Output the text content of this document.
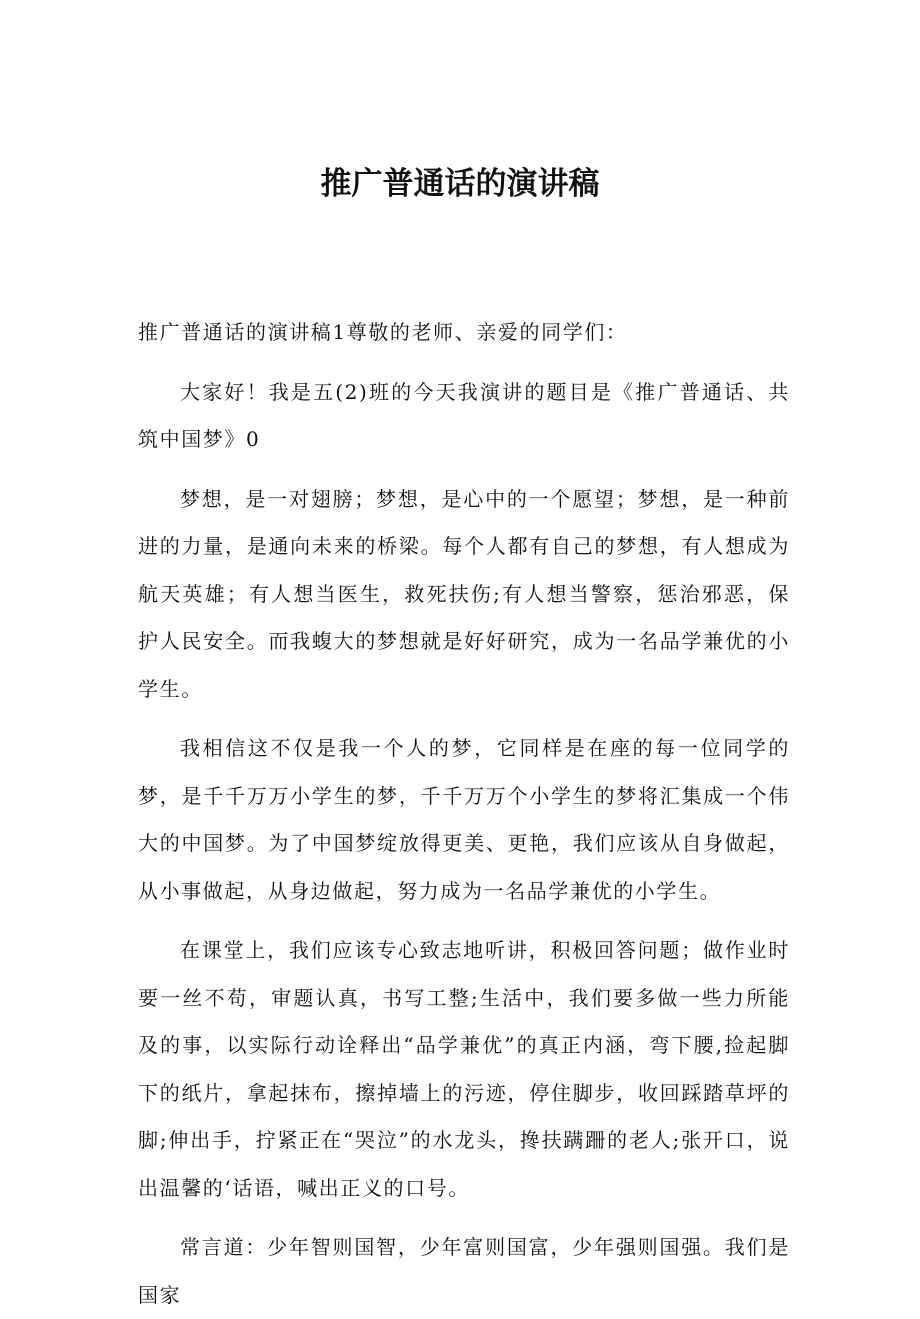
推广普通话的演讲稿

推广普通话的演讲稿1尊敬的老师、亲爱的同学们：

大家好！我是五(2)班的今天我演讲的题目是《推广普通话、共筑中国梦》0

梦想，是一对翅膀；梦想，是心中的一个愿望；梦想，是一种前进的力量，是通向未来的桥梁。每个人都有自己的梦想，有人想成为航天英雄；有人想当医生，救死扶伤;有人想当警察，惩治邪恶，保护人民安全。而我蝮大的梦想就是好好研究，成为一名品学兼优的小学生。

我相信这不仅是我一个人的梦，它同样是在座的每一位同学的梦，是千千万万小学生的梦，千千万万个小学生的梦将汇集成一个伟大的中国梦。为了中国梦绽放得更美、更艳，我们应该从自身做起，从小事做起，从身边做起，努力成为一名品学兼优的小学生。

在课堂上，我们应该专心致志地听讲，积极回答问题；做作业时要一丝不苟，审题认真，书写工整;生活中，我们要多做一些力所能及的事，以实际行动诠释出“品学兼优”的真正内涵，弯下腰,捡起脚下的纸片，拿起抹布，擦掉墙上的污迹，停住脚步，收回踩踏草坪的脚;伸出手，拧紧正在“哭泣”的水龙头，搀扶蹒跚的老人;张开口，说出温馨的‘话语，喊出正义的口号。

常言道：少年智则国智，少年富则国富，少年强则国强。我们是国家
